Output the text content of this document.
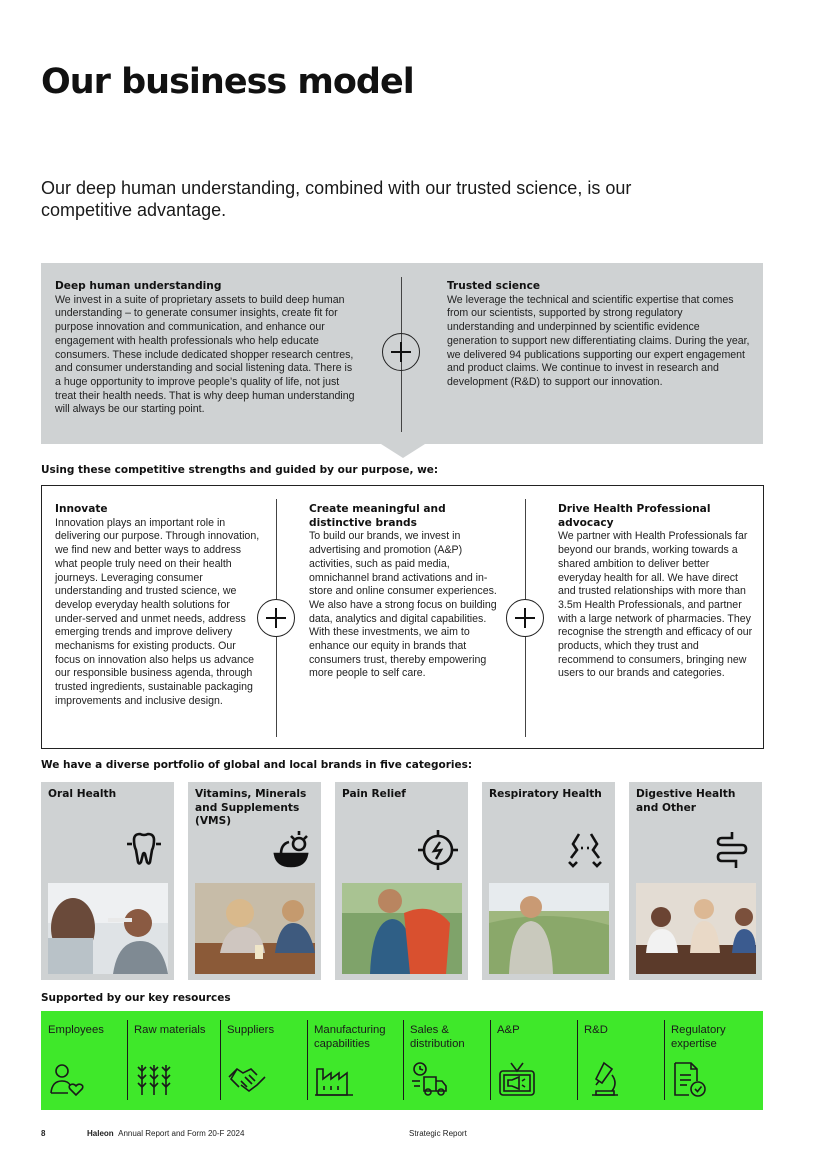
Our business model

Our deep human understanding, combined with our trusted science, is our competitive advantage.

Deep human understanding

We invest in a suite of proprietary assets to build deep human understanding – to generate consumer insights, create fit for purpose innovation and communication, and enhance our engagement with health professionals who help educate consumers. These include dedicated shopper research centres, and consumer understanding and social listening data. There is a huge opportunity to improve people’s quality of life, not just treat their health needs. That is why deep human understanding will always be our starting point.

Trusted science

We leverage the technical and scientific expertise that comes from our scientists, supported by strong regulatory understanding and underpinned by scientific evidence generation to support new differentiating claims. During the year, we delivered 94 publications supporting our expert engagement and product claims. We continue to invest in research and development (R&D) to support our innovation.

Using these competitive strengths and guided by our purpose, we:
Innovate

Innovation plays an important role in delivering our purpose. Through innovation, we find new and better ways to address what people truly need on their health journeys. Leveraging consumer understanding and trusted science, we develop everyday health solutions for under-served and unmet needs, address emerging trends and improve delivery mechanisms for existing products. Our focus on innovation also helps us advance our responsible business agenda, through trusted ingredients, sustainable packaging improvements and inclusive design.

Create meaningful and distinctive brands

To build our brands, we invest in advertising and promotion (A&P) activities, such as paid media, omnichannel brand activations and in-store and online consumer experiences. We also have a strong focus on building data, analytics and digital capabilities. With these investments, we aim to enhance our equity in brands that consumers trust, thereby empowering more people to self care.

Drive Health Professional advocacy

We partner with Health Professionals far beyond our brands, working towards a shared ambition to deliver better everyday health for all. We have direct and trusted relationships with more than 3.5m Health Professionals, and partner with a large network of pharmacies. They recognise the strength and efficacy of our products, which they trust and recommend to consumers, bringing new users to our brands and categories.

We have a diverse portfolio of global and local brands in five categories:
Oral Health	Vitamins, Minerals and Supplements (VMS)
Pain Relief	Respiratory Health	Digestive Health and Other
Supported by our key resources
Employees	Raw materials Suppliers	Manufacturing capabilities
Sales & distribution
A&P	R&D	Regulatory expertise
8	Haleon Annual Report and Form 20-F 2024	Strategic Report
